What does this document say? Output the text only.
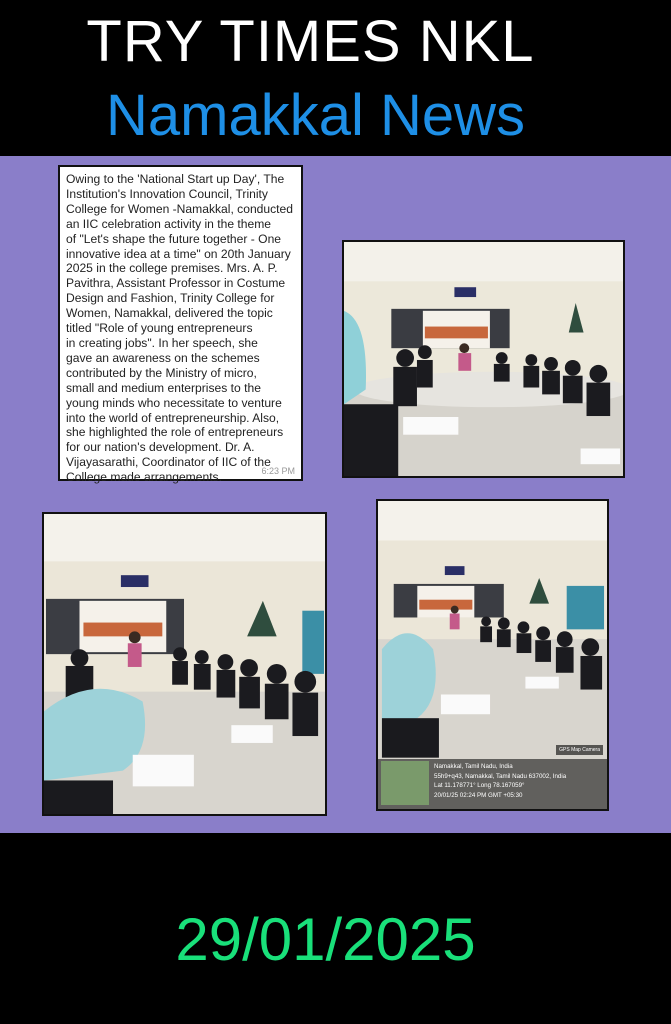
TRY TIMES NKL
Namakkal News

Owing to the 'National Start up Day', The
Institution's Innovation Council, Trinity
College for Women -Namakkal, conducted
an IIC celebration activity in the theme
of "Let's shape the future together - One
innovative idea at a time" on 20th January
2025 in the college premises. Mrs. A. P.
Pavithra, Assistant Professor in Costume
Design and Fashion, Trinity College for
Women, Namakkal, delivered the topic
titled "Role of young entrepreneurs
in creating jobs". In her speech, she
gave an awareness on the schemes
contributed by the Ministry of micro,
small and medium enterprises to the
young minds who necessitate to venture
into the world of entrepreneurship. Also,
she highlighted the role of entrepreneurs
for our nation's development. Dr. A.
Vijayasarathi, Coordinator of IIC of the
College made arrangements.	6:23 PM
GPS Map Camera
Namakkal, Tamil Nadu, India
55h9+q43, Namakkal, Tamil Nadu 637002, India
Lat 11.178771° Long 78.167059°
20/01/25 02:24 PM GMT +05:30
29/01/2025
